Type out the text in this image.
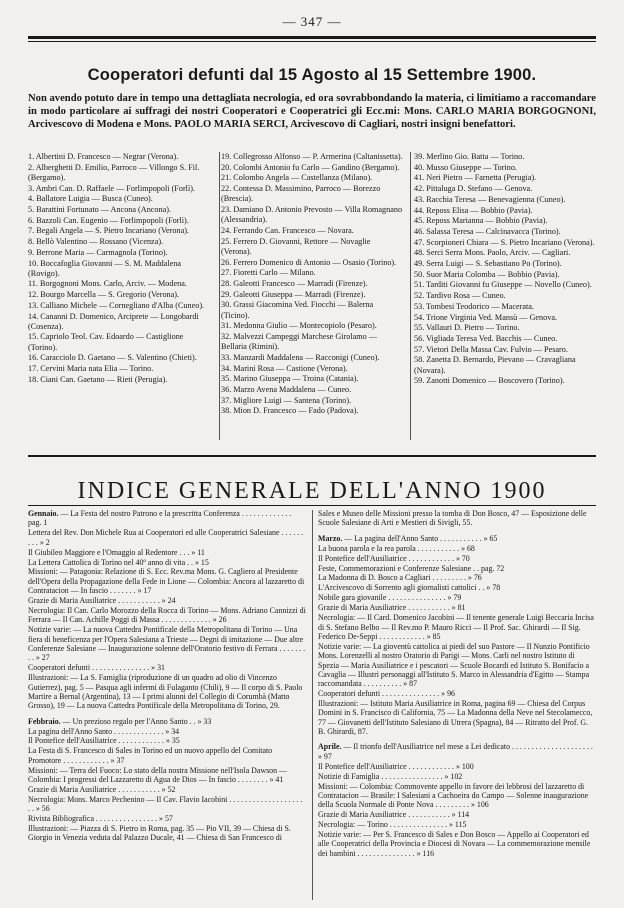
— 347 —
Cooperatori defunti dal 15 Agosto al 15 Settembre 1900.
Non avendo potuto dare in tempo una dettagliata necrologia, ed ora sovrabbondando la materia, ci limitiamo a raccomandare in modo particolare ai suffragi dei nostri Cooperatori e Cooperatrici gli Ecc.mi: Mons. CARLO MARIA BORGOGNONI, Arcivescovo di Modena e Mons. PAOLO MARIA SERCI, Arcivescovo di Cagliari, nostri insigni benefattori.

1. Albertini D. Francesco — Negrar (Verona).

2. Alberghetti D. Emilio, Parroco — Villongo S. Fil. (Bergamo).

3. Ambri Can. D. Raffaele — Forlimpopoli (Forlì).

4. Ballatore Luigia — Busca (Cuneo).

5. Barattini Fortunato — Ancona (Ancona).

6. Bazzoli Can. Eugenio — Forlimpopoli (Forlì).

7. Begali Angela — S. Pietro Incariano (Verona).

8. Bellò Valentino — Rossano (Vicenza).

9. Berrone Maria — Carmagnola (Torino).

10. Boccafoglia Giovanni — S. M. Maddalena (Rovigo).

11. Borgognoni Mons. Carlo, Arciv. — Modena.

12. Bourgo Marcella — S. Gregorio (Verona).

13. Calliano Michele — Cornegliano d'Alba (Cuneo).

14. Cananni D. Domenico, Arciprete — Longobardi (Cosenza).

15. Capriolo Teol. Cav. Edoardo — Castiglione (Torino).

16. Caracciolo D. Gaetano — S. Valentino (Chieti).

17. Cervini Maria nata Elia — Torino.

18. Ciani Can. Gaetano — Rieti (Perugia).

19. Collegrosso Alfonso — P. Armerina (Caltanissetta).

20. Colombi Antonio fu Carlo — Gandino (Bergamo).

21. Colombo Angela — Castellanza (Milano).

22. Contessa D. Massimino, Parroco — Borezzo (Brescia).

23. Damiano D. Antonio Prevosto — Villa Romagnano (Alessandria).

24. Ferrando Can. Francesco — Novara.

25. Ferrero D. Giovanni, Rettore — Novaglie (Verona).

26. Ferrero Domenico di Antonio — Osasio (Torino).

27. Fioretti Carlo — Milano.

28. Galeotti Francesco — Marradi (Firenze).

29. Galeotti Giuseppa — Marradi (Firenze).

30. Grassi Giacomina Ved. Fiocchi — Balerna (Ticino).

31. Medonna Giulio — Montecopiolo (Pesaro).

32. Malvezzi Campeggi Marchese Girolamo — Bellaria (Rimini).

33. Manzardi Maddalena — Racconigi (Cuneo).

34. Marini Rosa — Castione (Verona).

35. Marino Giuseppa — Troina (Catania).

36. Marzo Avena Maddalena — Cuneo.

37. Migliore Luigi — Santena (Torino).

38. Mion D. Francesco — Fado (Padova).

39. Merlino Gio. Batta — Torino.

40. Musso Giuseppe — Torino.

41. Neri Pietro — Farnetta (Perugia).

42. Pittaluga D. Stefano — Genova.

43. Racchia Teresa — Benevagienna (Cuneo).

44. Reposs Elisa — Bobbio (Pavia).

45. Reposs Marianna — Bobbio (Pavia).

46. Salassa Teresa — Calcinavacca (Torino).

47. Scorpioneri Chiara — S. Pietro Incariano (Verona).

48. Serci Serra Mons. Paolo, Arciv. — Cagliari.

49. Serra Luigi — S. Sebastiano Po (Torino).

50. Suor Maria Colomba — Bobbio (Pavia).

51. Tarditi Giovanni fu Giuseppe — Novello (Cuneo).

52. Tardivo Rosa — Cuneo.

53. Tombesi Teodorico — Macerata.

54. Trione Virginia Ved. Mansù — Genova.

55. Vallauri D. Pietro — Torino.

56. Vigliada Teresa Ved. Bacchis — Cuneo.

57. Vietori Della Massa Cav. Fulvio — Pesaro.

58. Zanetta D. Bernardo, Pievano — Cravagliana (Novara).

59. Zanotti Domenico — Boscovero (Torino).

INDICE GENERALE DELL'ANNO 1900

Gennaio. — La Festa del nostro Patrono e la prescritta Conferenza . . . . . . . . . . . . . pag. 1

Lettera del Rev. Don Michele Rua ai Cooperatori ed alle Cooperatrici Salesiane . . . . . . . . . » 2

Il Giubileo Maggiore e l'Omaggio al Redentore . . . » 11

La Lettera Cattolica di Torino nel 40º anno di vita . . » 15

Missioni: — Patagonia: Relazione di S. Ecc. Rev.ma Mons. G. Cagliero al Presidente dell'Opera della Propagazione della Fede in Lione — Colombia: Ancora al lazzaretto di Contratacion — In fascio . . . . . . . » 17

Grazie di Maria Ausiliatrice . . . . . . . . . . . » 24

Necrologia: Il Can. Carlo Morozzo della Rocca di Torino — Mons. Adriano Cannizzi di Ferrara — Il Can. Achille Poggi di Massa . . . . . . . . . . . . . » 26

Notizie varie: — La nuova Cattedra Pontificale della Metropolitana di Torino — Una fiera di beneficenza per l'Opera Salesiana a Trieste — Degni di imitazione — Due altre Conferenze Salesiane — Inaugurazione solenne dell'Oratorio festivo di Ferrara . . . . . . . . . » 27

Cooperatori defunti . . . . . . . . . . . . . . . » 31

Illustrazioni: — La S. Famiglia (riproduzione di un quadro ad olio di Vincenzo Gutierrez), pag. 5 — Pasqua agli infermi di Fulaganto (Chili), 9 — Il corpo di S. Paolo Martire a Bernal (Argentina), 13 — I primi alunni del Collegio di Corumbà (Matto Grosso), 19 — La nuova Cattedra Pontificale della Metropolitana di Torino, 29.

Febbraio. — Un prezioso regalo per l'Anno Santo . . » 33

La pagina dell'Anno Santo . . . . . . . . . . . . . » 34

Il Pontefice dell'Ausiliatrice . . . . . . . . . . . . » 35

La Festa di S. Francesco di Sales in Torino ed un nuovo appello del Comitato Promotore . . . . . . . . . . . . » 37

Missioni: — Terra del Fuoco: Lo stato della nostra Missione nell'Isola Dawson — Colombia: I progressi del Lazzaretto di Agua de Dios — In fascio . . . . . . . . » 41

Grazie di Maria Ausiliatrice . . . . . . . . . . . » 52

Necrologia: Mons. Marco Pechenino — Il Cav. Flavio Iacobini . . . . . . . . . . . . . . . . . . . . . » 56

Rivista Bibliografica . . . . . . . . . . . . . . . . » 57

Illustrazioni: — Piazza di S. Pietro in Roma, pag. 35 — Pio VII, 39 — Chiesa di S. Giorgio in Venezia veduta dal Palazzo Ducale, 41 — Chiesa di San Francesco di

Sales e Museo delle Missioni presso la tomba di Don Bosco, 47 — Esposizione delle Scuole Salesiane di Arti e Mestieri di Sivigli, 55.

Marzo. — La pagina dell'Anno Santo . . . . . . . . . . . » 65

La buona parola e la rea parola . . . . . . . . . . . » 68

Il Pontefice dell'Ausiliatrice . . . . . . . . . . . . » 70

Feste, Commemorazioni e Conferenze Salesiane . . pag. 72

La Madonna di D. Bosco a Cagliari . . . . . . . . . » 76

L'Arcivescovo di Sorrento agli giornalisti cattolici . . » 78

Nobile gara giovanile . . . . . . . . . . . . . . . » 79

Grazie di Maria Ausiliatrice . . . . . . . . . . . » 81

Necrologia: — Il Card. Domenico Jacobini — Il tenente generale Luigi Beccaria Incisa di S. Stefano Belbo — Il Rev.mo P. Mauro Ricci — Il Prof. Sac. Ghirardi — Il Sig. Federico De-Seppi . . . . . . . . . . . . » 85

Notizie varie: — La gioventù cattolica ai piedi del suo Pastore — Il Nunzio Pontificio Mons. Lorenzelli al nostro Oratorio di Parigi — Mons. Carli nel nostro Istituto di Spezia — Maria Ausiliatrice e i pescatori — Scuole Bocardi ed Istituto S. Bonifacio a Cavaglia — Illustri personaggi all'Istituto S. Marco in Alessandria d'Egitto — Stampa raccomandata . . . . . . . . . . » 87

Cooperatori defunti . . . . . . . . . . . . . . . » 96

Illustrazioni: — Istituto Maria Ausiliatrice in Roma, pagina 69 — Chiesa del Corpus Domini in S. Francisco di California, 75 — La Madonna della Neve nel Stecolamecco, 77 — Giovanetti dell'Istituto Salesiano di Utrera (Spagna), 84 — Ritratto del Prof. G. B. Ghirardi, 87.

Aprile. — Il trionfo dell'Ausiliatrice nel mese a Lei dedicato . . . . . . . . . . . . . . . . . . . . . » 97

Il Pontefice dell'Ausiliatrice . . . . . . . . . . . . » 100

Notizie di Famiglia . . . . . . . . . . . . . . . . » 102

Missioni: — Colombia: Commovente appello in favore dei lebbrosi del lazzaretto di Contratacion — Brasile: I Salesiani a Cachoeira do Campo — Solenne inaugurazione della Scuola Normale di Ponte Nova . . . . . . . . . » 106

Grazie di Maria Ausiliatrice . . . . . . . . . . . » 114

Necrologia: — Torino . . . . . . . . . . . . . . . » 115

Notizie varie: — Per S. Francesco di Sales e Don Bosco — Appello ai Cooperatori ed alle Cooperatrici della Provincia e Diocesi di Novara — La commemorazione mensile dei bambini . . . . . . . . . . . . . . . » 116
